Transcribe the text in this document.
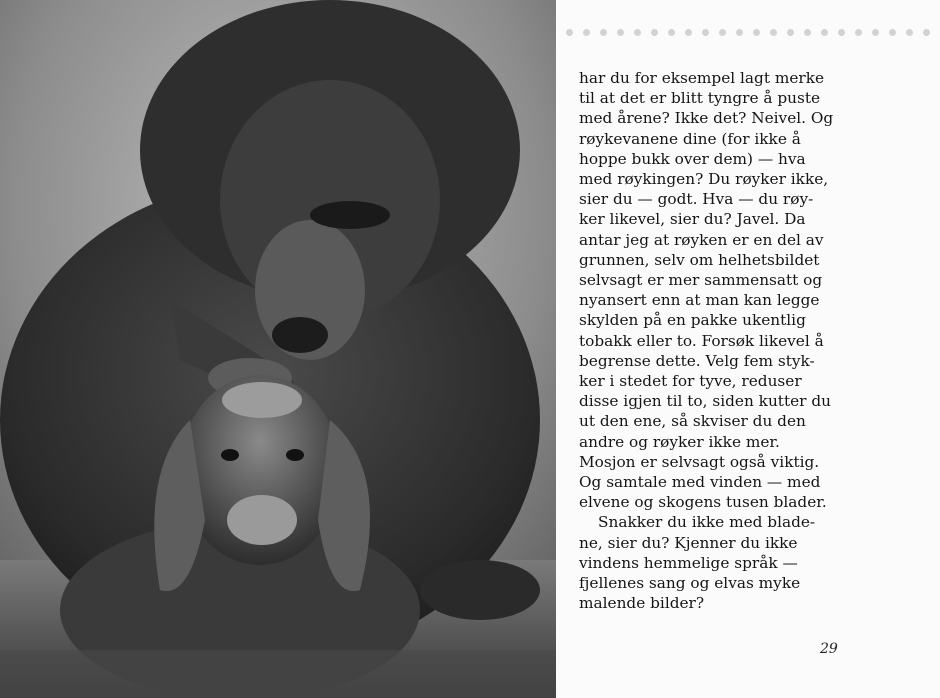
har du for eksempel lagt merke
til at det er blitt tyngre å puste
med årene? Ikke det? Neivel. Og
røykevanene dine (for ikke å
hoppe bukk over dem) — hva
med røykingen? Du røyker ikke,
sier du — godt. Hva — du røy-
ker likevel, sier du? Javel. Da
antar jeg at røyken er en del av
grunnen, selv om helhetsbildet
selvsagt er mer sammensatt og
nyansert enn at man kan legge
skylden på en pakke ukentlig
tobakk eller to. Forsøk likevel å
begrense dette. Velg fem styk-
ker i stedet for tyve, reduser
disse igjen til to, siden kutter du
ut den ene, så skviser du den
andre og røyker ikke mer.
Mosjon er selvsagt også viktig.
Og samtale med vinden — med
elvene og skogens tusen blader.
Snakker du ikke med blade-
ne, sier du? Kjenner du ikke
vindens hemmelige språk —
fjellenes sang og elvas myke
malende bilder?
29
